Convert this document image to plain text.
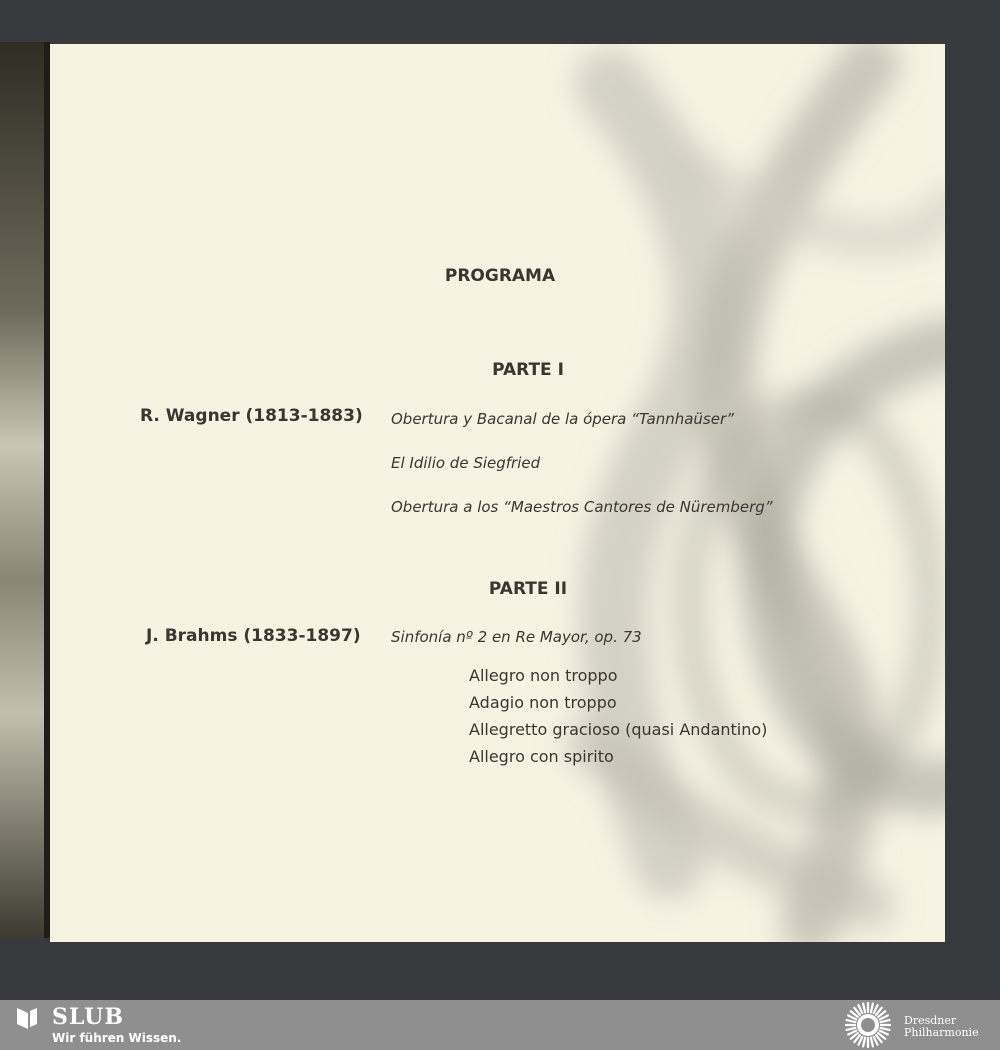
PROGRAMA
PARTE I
R. Wagner (1813-1883) Obertura y Bacanal de la ópera “Tannhaüser”
El Idilio de Siegfried
Obertura a los “Maestros Cantores de Nüremberg”
PARTE II
J. Brahms (1833-1897) Sinfonía nº 2 en Re Mayor, op. 73
Allegro non troppo
Adagio non troppo
Allegretto gracioso (quasi Andantino)
Allegro con spirito
SLUB
Wir führen Wissen.
Dresdner
Philharmonie
